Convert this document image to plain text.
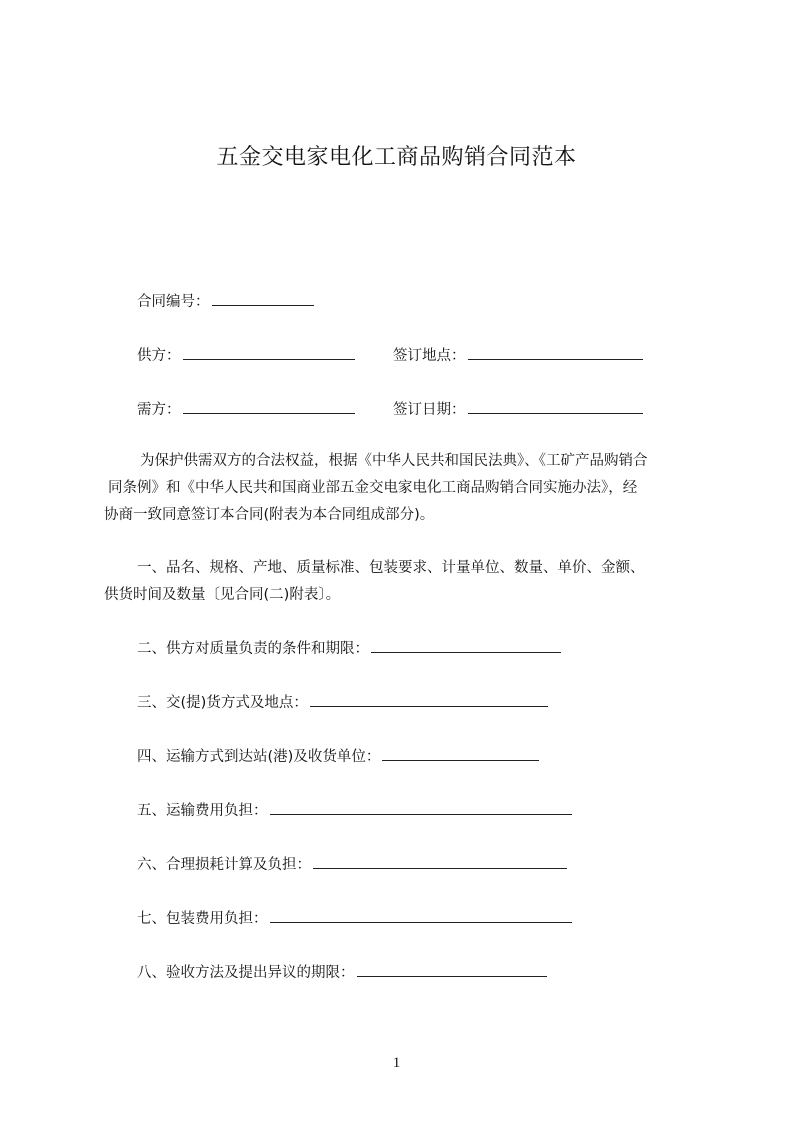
五金交电家电化工商品购销合同范本
合同编号：
供方：	签订地点：
需方：	签订日期：
为保护供需双方的合法权益，根据《中华人民共和国民法典》、《工矿产品购销合
同条例》和《中华人民共和国商业部五金交电家电化工商品购销合同实施办法》，经
协商一致同意签订本合同(附表为本合同组成部分)。
一、品名、规格、产地、质量标准、包装要求、计量单位、数量、单价、金额、
供货时间及数量〔见合同(二)附表〕。
二、供方对质量负责的条件和期限：
三、交(提)货方式及地点：
四、运输方式到达站(港)及收货单位：
五、运输费用负担：
六、合理损耗计算及负担：
七、包装费用负担：
八、验收方法及提出异议的期限：
1
